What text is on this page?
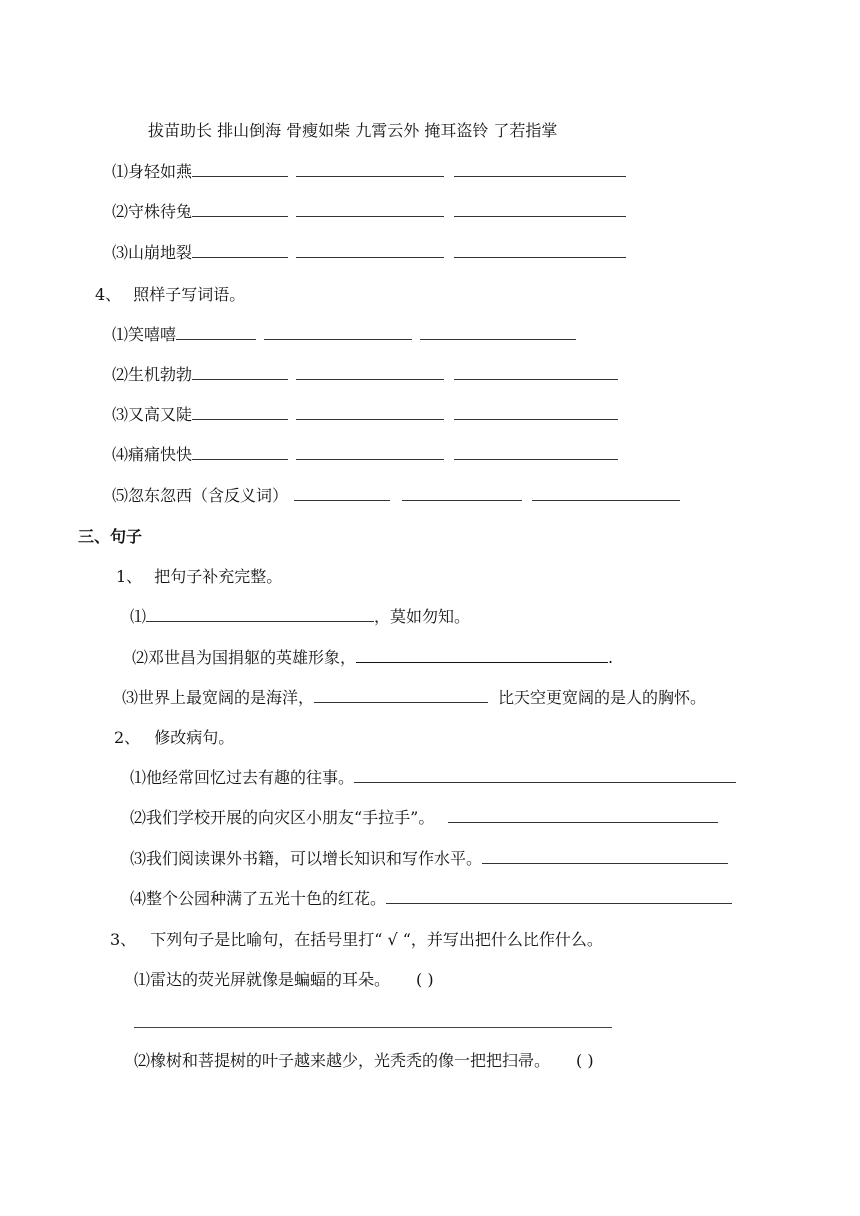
拔苗助长 排山倒海 骨瘦如柴 九霄云外 掩耳盗铃 了若指掌
⑴身轻如燕
⑵守株待兔
⑶山崩地裂
4、 照样子写词语。
⑴笑嘻嘻
⑵生机勃勃
⑶又高又陡
⑷痛痛快快
⑸忽东忽西（含反义词）
三、句子
1、 把句子补充完整。
⑴	，莫如勿知。
⑵邓世昌为国捐躯的英雄形象，	.
⑶世界上最宽阔的是海洋，	比天空更宽阔的是人的胸怀。
2、 修改病句。
⑴他经常回忆过去有趣的往事。
⑵我们学校开展的向灾区小朋友“手拉手”。
⑶我们阅读课外书籍，可以增长知识和写作水平。
⑷整个公园种满了五光十色的红花。
3、 下列句子是比喻句，在括号里打“ √ “，并写出把什么比作什么。
⑴雷达的荧光屏就像是蝙蝠的耳朵。 ( )
⑵橡树和菩提树的叶子越来越少，光秃秃的像一把把扫帚。 ( )
